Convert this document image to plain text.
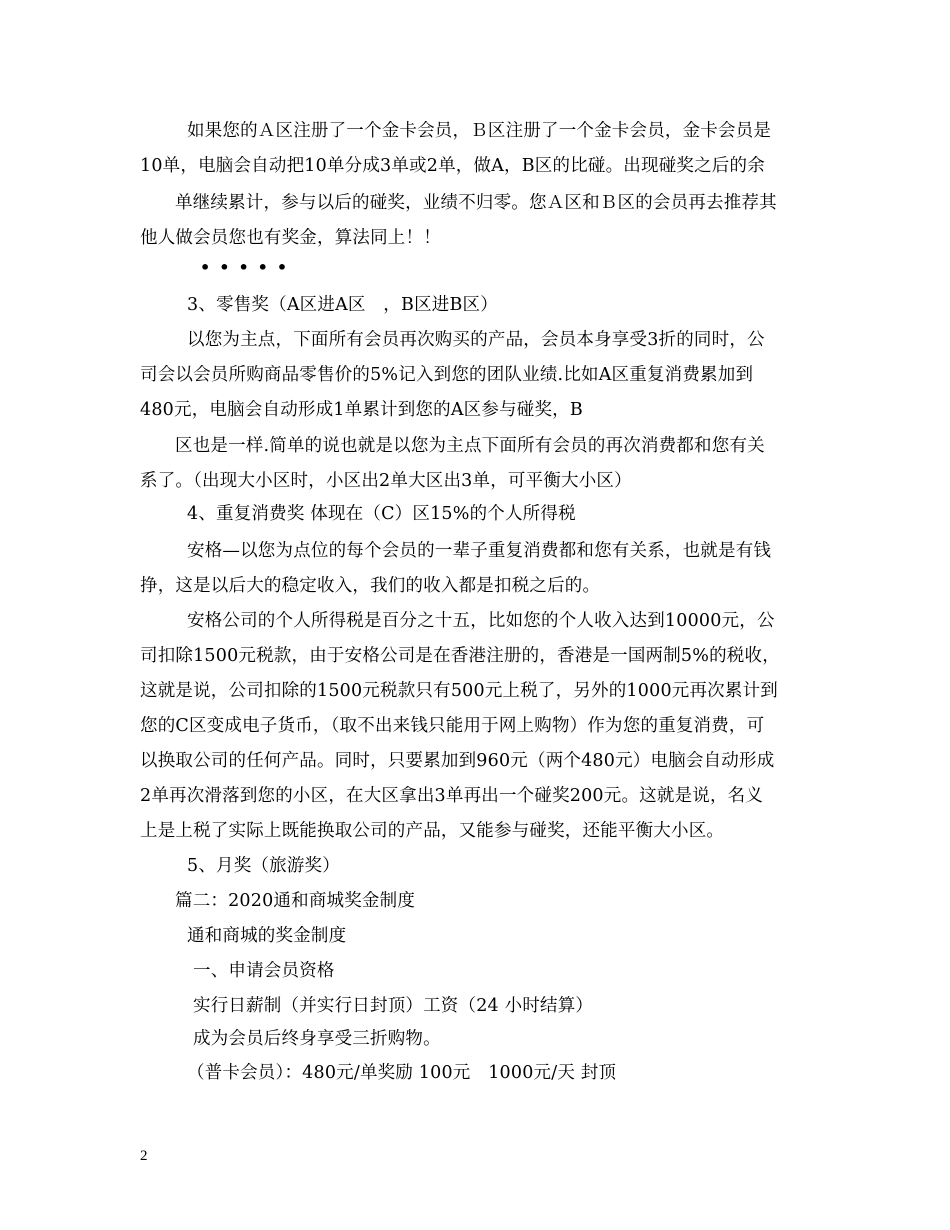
如果您的Ａ区注册了一个金卡会员，Ｂ区注册了一个金卡会员，金卡会员是
10单，电脑会自动把10单分成3单或2单，做A，B区的比碰。出现碰奖之后的余
单继续累计，参与以后的碰奖，业绩不归零。您Ａ区和Ｂ区的会员再去推荐其
他人做会员您也有奖金，算法同上！！
•••••
3、零售奖（A区进A区　，B区进B区）
以您为主点，下面所有会员再次购买的产品，会员本身享受3折的同时，公
司会以会员所购商品零售价的5%记入到您的团队业绩.比如A区重复消费累加到
480元，电脑会自动形成1单累计到您的A区参与碰奖，B
区也是一样.简单的说也就是以您为主点下面所有会员的再次消费都和您有关
系了。（出现大小区时，小区出2单大区出3单，可平衡大小区）
4、重复消费奖 体现在（C）区15%的个人所得税
安格—以您为点位的每个会员的一辈子重复消费都和您有关系，也就是有钱
挣，这是以后大的稳定收入，我们的收入都是扣税之后的。
安格公司的个人所得税是百分之十五，比如您的个人收入达到10000元，公
司扣除1500元税款，由于安格公司是在香港注册的，香港是一国两制5%的税收，
这就是说，公司扣除的1500元税款只有500元上税了，另外的1000元再次累计到
您的C区变成电子货币，（取不出来钱只能用于网上购物）作为您的重复消费，可
以换取公司的任何产品。同时，只要累加到960元（两个480元）电脑会自动形成
2单再次滑落到您的小区，在大区拿出3单再出一个碰奖200元。这就是说，名义
上是上税了实际上既能换取公司的产品，又能参与碰奖，还能平衡大小区。
5、月奖（旅游奖）
篇二：2020通和商城奖金制度
通和商城的奖金制度
一、申请会员资格
实行日薪制（并实行日封顶）工资（24 小时结算）
成为会员后终身享受三折购物。
（普卡会员）：480元/单奖励 100元　1000元/天 封顶
2
